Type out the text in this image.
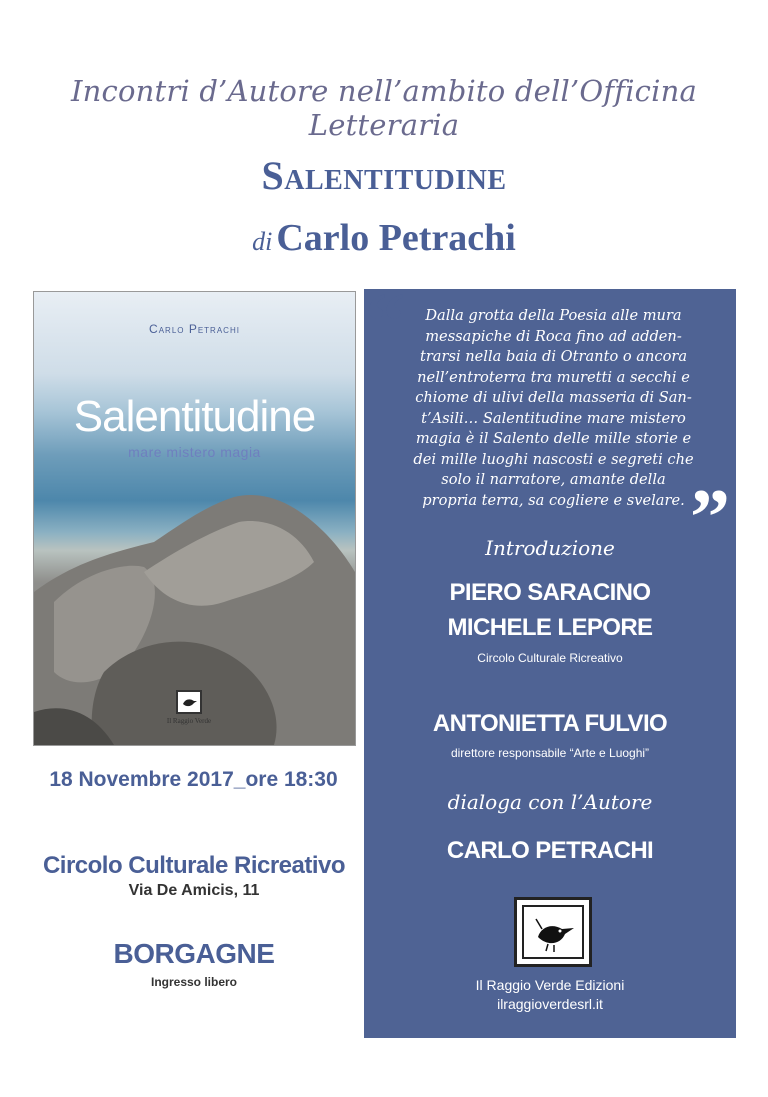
Incontri d’Autore nell’ambito dell’Officina Letteraria
Salentitudine
di Carlo Petrachi
Carlo Petrachi
Salentitudine
mare mistero magia
Il Raggio Verde
18 Novembre 2017_ore 18:30
Circolo Culturale Ricreativo
Via De Amicis, 11
BORGAGNE
Ingresso libero
“	Dalla grotta della Poesia alle mura
messapiche di Roca fino ad adden-
trarsi nella baia di Otranto o ancora
nell’entroterra tra muretti a secchi e
chiome di ulivi della masseria di San-
t’Asili… Salentitudine mare mistero
magia è il Salento delle mille storie e
dei mille luoghi nascosti e segreti che
solo il narratore, amante della
propria terra, sa cogliere e svelare. ”
Introduzione
PIERO SARACINO
MICHELE LEPORE
Circolo Culturale Ricreativo
ANTONIETTA FULVIO
direttore responsabile “Arte e Luoghi”
dialoga con l’Autore
CARLO PETRACHI
Il Raggio Verde Edizioni
ilraggioverdesrl.it
